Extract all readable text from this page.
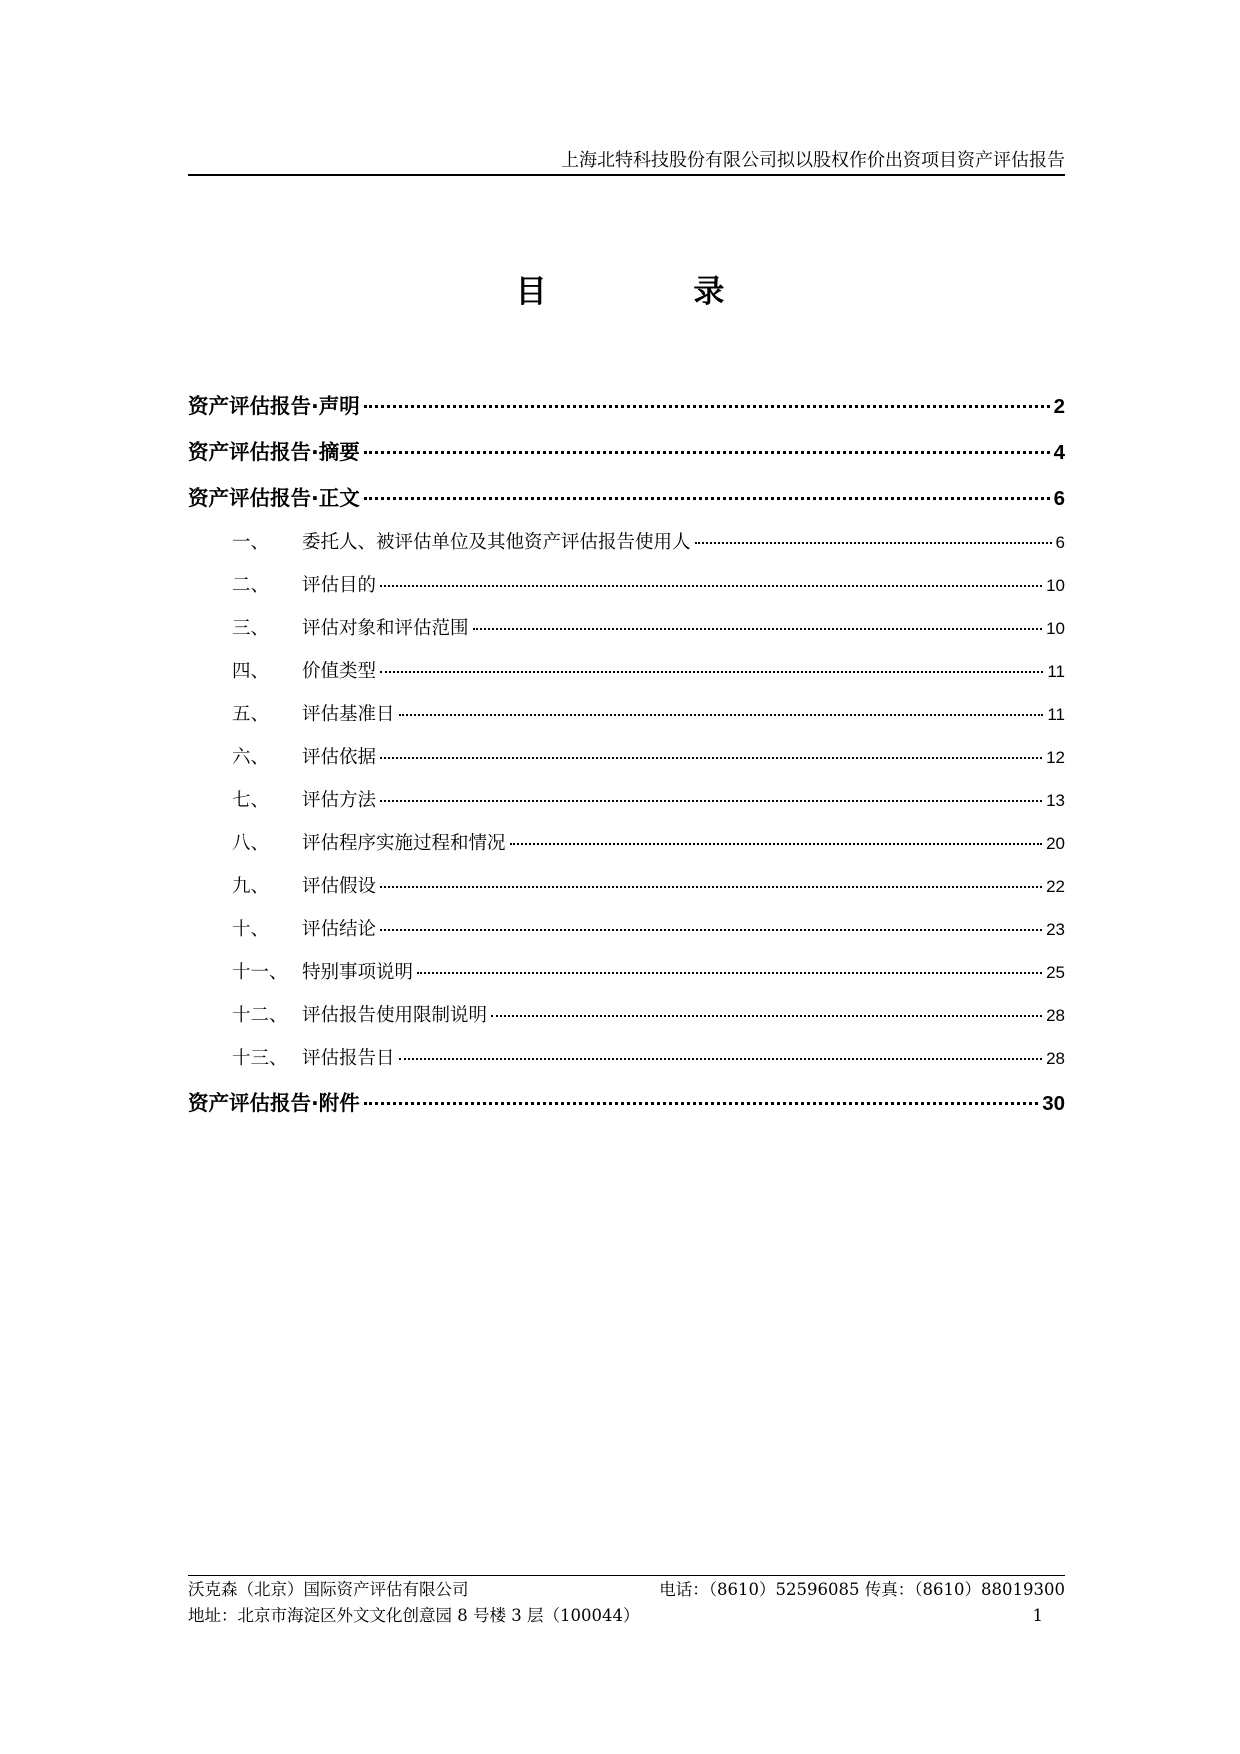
上海北特科技股份有限公司拟以股权作价出资项目资产评估报告
目 录
资产评估报告·声明	2
资产评估报告·摘要	4
资产评估报告·正文	6
一、	委托人、被评估单位及其他资产评估报告使用人	6
二、	评估目的	10
三、	评估对象和评估范围	10
四、	价值类型	11
五、	评估基准日	11
六、	评估依据	12
七、	评估方法	13
八、	评估程序实施过程和情况	20
九、	评估假设	22
十、	评估结论	23
十一、 特别事项说明	25
十二、 评估报告使用限制说明	28
十三、 评估报告日	28
资产评估报告·附件	30
沃克森（北京）国际资产评估有限公司	电话：（8610）52596085 传真：（8610）88019300
地址：北京市海淀区外文文化创意园 8 号楼 3 层（100044）	1
